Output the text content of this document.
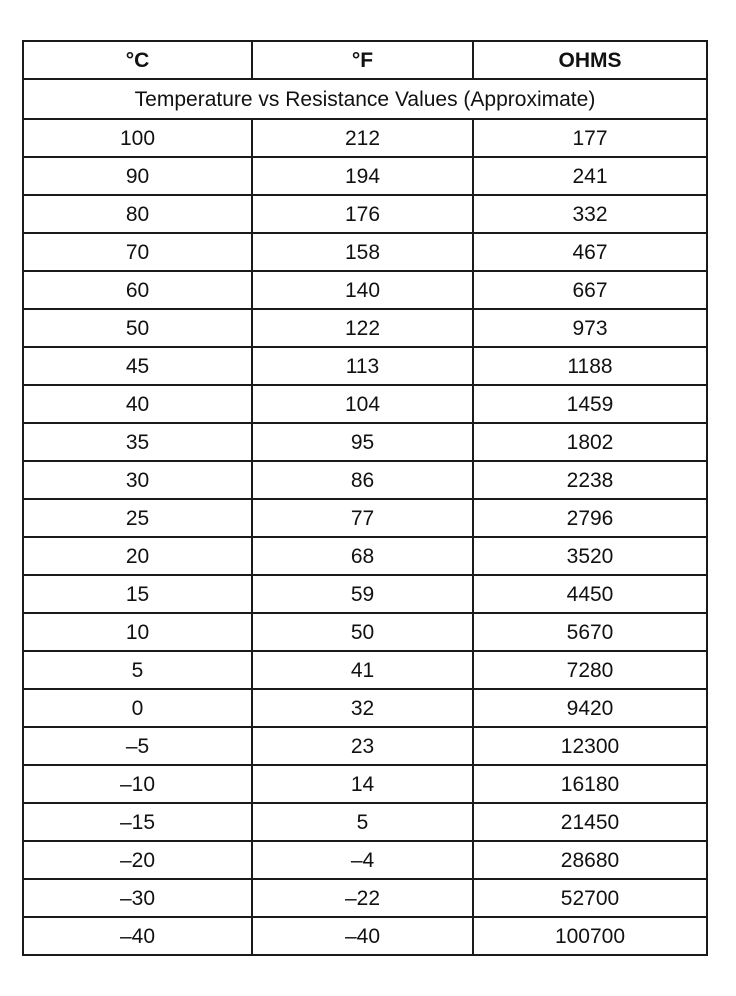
°C	°F	OHMS
Temperature vs Resistance Values (Approximate)		
100	212	177
90	194	241
80	176	332
70	158	467
60	140	667
50	122	973
45	113	1188
40	104	1459
35	95	1802
30	86	2238
25	77	2796
20	68	3520
15	59	4450
10	50	5670
5	41	7280
0	32	9420
–5	23	12300
–10	14	16180
–15	5	21450
–20	–4	28680
–30	–22	52700
–40	–40	100700
